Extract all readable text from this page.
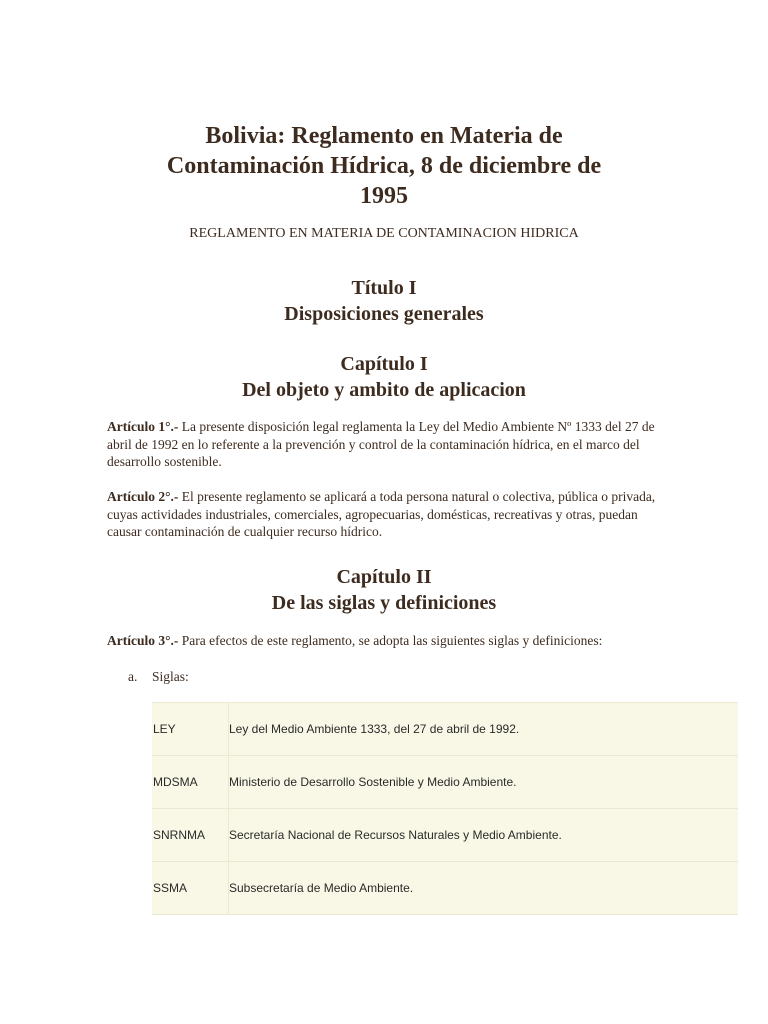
Bolivia: Reglamento en Materia de Contaminación Hídrica, 8 de diciembre de 1995

REGLAMENTO EN MATERIA DE CONTAMINACION HIDRICA

Título I
Disposiciones generales
Capítulo I
Del objeto y ambito de aplicacion

Artículo 1°.- La presente disposición legal reglamenta la Ley del Medio Ambiente Nº 1333 del 27 de abril de 1992 en lo referente a la prevención y control de la contaminación hídrica, en el marco del desarrollo sostenible.

Artículo 2°.- El presente reglamento se aplicará a toda persona natural o colectiva, pública o privada, cuyas actividades industriales, comerciales, agropecuarias, domésticas, recreativas y otras, puedan causar contaminación de cualquier recurso hídrico.

Capítulo II
De las siglas y definiciones

Artículo 3°.- Para efectos de este reglamento, se adopta las siguientes siglas y definiciones:

a. Siglas:
LEY	Ley del Medio Ambiente 1333, del 27 de abril de 1992.
MDSMA	Ministerio de Desarrollo Sostenible y Medio Ambiente.
SNRNMA	Secretaría Nacional de Recursos Naturales y Medio Ambiente.
SSMA	Subsecretaría de Medio Ambiente.
